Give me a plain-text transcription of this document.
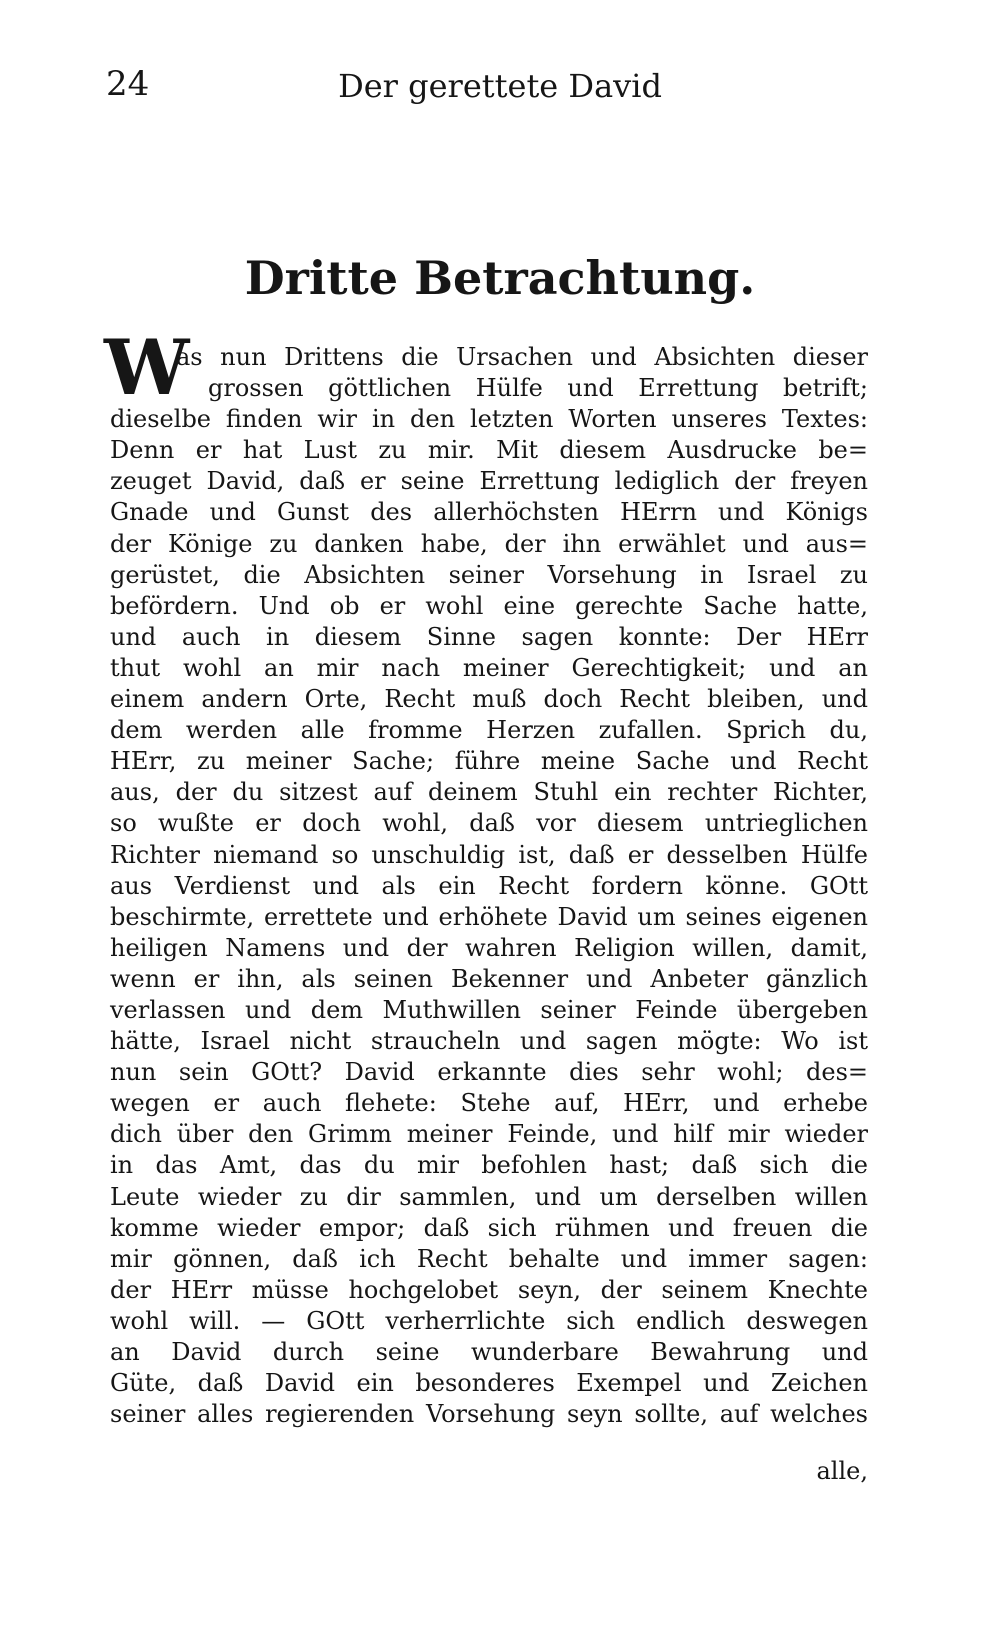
24	Der gerettete David
Dritte Betrachtung.
W
as nun Drittens die Ursachen und Absichten dieser
grossen göttlichen Hülfe und Errettung betrift;
dieselbe finden wir in den letzten Worten unseres Textes:
Denn er hat Lust zu mir. Mit diesem Ausdrucke be=
zeuget David, daß er seine Errettung lediglich der freyen
Gnade und Gunst des allerhöchsten HErrn und Königs
der Könige zu danken habe, der ihn erwählet und aus=
gerüstet, die Absichten seiner Vorsehung in Israel zu
befördern. Und ob er wohl eine gerechte Sache hatte,
und auch in diesem Sinne sagen konnte: Der HErr
thut wohl an mir nach meiner Gerechtigkeit; und an
einem andern Orte, Recht muß doch Recht bleiben, und
dem werden alle fromme Herzen zufallen. Sprich du,
HErr, zu meiner Sache; führe meine Sache und Recht
aus, der du sitzest auf deinem Stuhl ein rechter Richter,
so wußte er doch wohl, daß vor diesem untrieglichen
Richter niemand so unschuldig ist, daß er desselben Hülfe
aus Verdienst und als ein Recht fordern könne. GOtt
beschirmte, errettete und erhöhete David um seines eigenen
heiligen Namens und der wahren Religion willen, damit,
wenn er ihn, als seinen Bekenner und Anbeter gänzlich
verlassen und dem Muthwillen seiner Feinde übergeben
hätte, Israel nicht straucheln und sagen mögte: Wo ist
nun sein GOtt? David erkannte dies sehr wohl; des=
wegen er auch flehete: Stehe auf, HErr, und erhebe
dich über den Grimm meiner Feinde, und hilf mir wieder
in das Amt, das du mir befohlen hast; daß sich die
Leute wieder zu dir sammlen, und um derselben willen
komme wieder empor; daß sich rühmen und freuen die
mir gönnen, daß ich Recht behalte und immer sagen:
der HErr müsse hochgelobet seyn, der seinem Knechte
wohl will. — GOtt verherrlichte sich endlich deswegen
an David durch seine wunderbare Bewahrung und
Güte, daß David ein besonderes Exempel und Zeichen
seiner alles regierenden Vorsehung seyn sollte, auf welches
alle,
